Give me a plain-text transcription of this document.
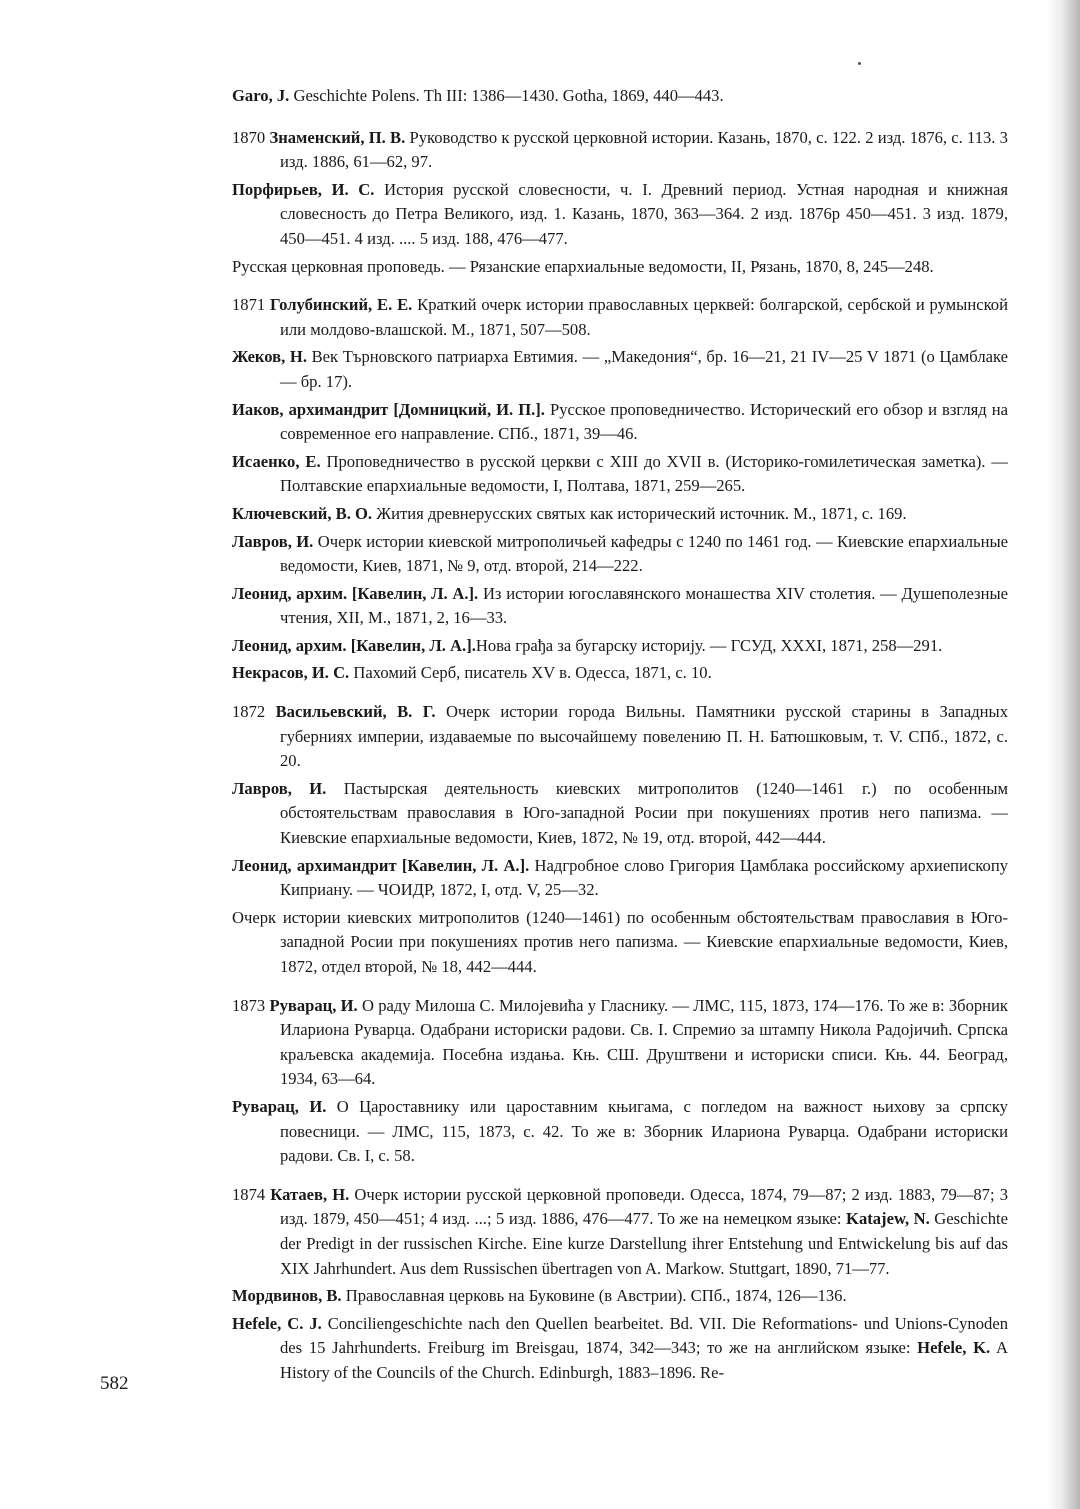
Garo, J. Geschichte Polens. Th III: 1386—1430. Gotha, 1869, 440—443.

1870 Знаменский, П. В. Руководство к русской церковной истории. Казань, 1870, с. 122. 2 изд. 1876, с. 113. 3 изд. 1886, 61—62, 97.

Порфирьев, И. С. История русской словесности, ч. I. Древний период. Устная народная и книжная словесность до Петра Великого, изд. 1. Казань, 1870, 363—364. 2 изд. 1876р 450—451. 3 изд. 1879, 450—451. 4 изд. .... 5 изд. 188, 476—477.

Русская церковная проповедь. — Рязанские епархиальные ведомости, II, Рязань, 1870, 8, 245—248.

1871 Голубинский, Е. Е. Краткий очерк истории православных церквей: болгарской, сербской и румынской или молдово-влашской. М., 1871, 507—508.

Жеков, Н. Век Търновского патриарха Евтимия. — „Македония“, бр. 16—21, 21 IV—25 V 1871 (о Цамблаке — бр. 17).

Иаков, архимандрит [Домницкий, И. П.]. Русское проповедничество. Исторический его обзор и взгляд на современное его направление. СПб., 1871, 39—46.

Исаенко, Е. Проповедничество в русской церкви с XIII до XVII в. (Историко-гомилетическая заметка). — Полтавские епархиальные ведомости, I, Полтава, 1871, 259—265.

Ключевский, В. О. Жития древнерусских святых как исторический источник. М., 1871, с. 169.

Лавров, И. Очерк истории киевской митрополичьей кафедры с 1240 по 1461 год. — Киевские епархиальные ведомости, Киев, 1871, № 9, отд. второй, 214—222.

Леонид, архим. [Кавелин, Л. А.]. Из истории югославянского монашества XIV столетия. — Душеполезные чтения, XII, М., 1871, 2, 16—33.

Леонид, архим. [Кавелин, Л. А.].Нова грађа за бугарску историју. — ГСУД, XXXI, 1871, 258—291.

Некрасов, И. С. Пахомий Серб, писатель XV в. Одесса, 1871, с. 10.

1872 Васильевский, В. Г. Очерк истории города Вильны. Памятники русской старины в Западных губерниях империи, издаваемые по высочайшему повелению П. Н. Батюшковым, т. V. СПб., 1872, с. 20.

Лавров, И. Пастырская деятельность киевских митрополитов (1240—1461 г.) по особенным обстоятельствам православия в Юго-западной Росии при покушениях против него папизма. — Киевские епархиальные ведомости, Киев, 1872, № 19, отд. второй, 442—444.

Леонид, архимандрит [Кавелин, Л. А.]. Надгробное слово Григория Цамблака российскому архиепископу Киприану. — ЧОИДР, 1872, I, отд. V, 25—32.

Очерк истории киевских митрополитов (1240—1461) по особенным обстоятельствам православия в Юго-западной Росии при покушениях против него папизма. — Киевские епархиальные ведомости, Киев, 1872, отдел второй, № 18, 442—444.

1873 Руварац, И. О раду Милоша С. Милојевића у Гласнику. — ЛМС, 115, 1873, 174—176. То же в: Зборник Илариона Руварца. Одабрани историски радови. Св. I. Спремио за штампу Никола Радојичић. Српска краљевска академија. Посебна издања. Књ. СШ. Друштвени и историски списи. Књ. 44. Београд, 1934, 63—64.

Руварац, И. О Цароставнику или цароставним књигама, с погледом на важност њихову за српску повесници. — ЛМС, 115, 1873, с. 42. То же в: Зборник Илариона Руварца. Одабрани историски радови. Св. I, с. 58.

1874 Катаев, Н. Очерк истории русской церковной проповеди. Одесса, 1874, 79—87; 2 изд. 1883, 79—87; 3 изд. 1879, 450—451; 4 изд. ...; 5 изд. 1886, 476—477. То же на немецком языке: Katajew, N. Geschichte der Predigt in der russischen Kirche. Eine kurze Darstellung ihrer Entstehung und Entwickelung bis auf das XIX Jahrhundert. Aus dem Russischen übertragen von A. Markow. Stuttgart, 1890, 71—77.

Мордвинов, В. Православная церковь на Буковине (в Австрии). СПб., 1874, 126—136.

Hefele, C. J. Conciliengeschichte nach den Quellen bearbeitet. Bd. VII. Die Reformations- und Unions-Cynoden des 15 Jahrhunderts. Freiburg im Breisgau, 1874, 342—343; то же на английском языке: Hefele, K. A History of the Councils of the Church. Edinburgh, 1883–1896. Re-

582
